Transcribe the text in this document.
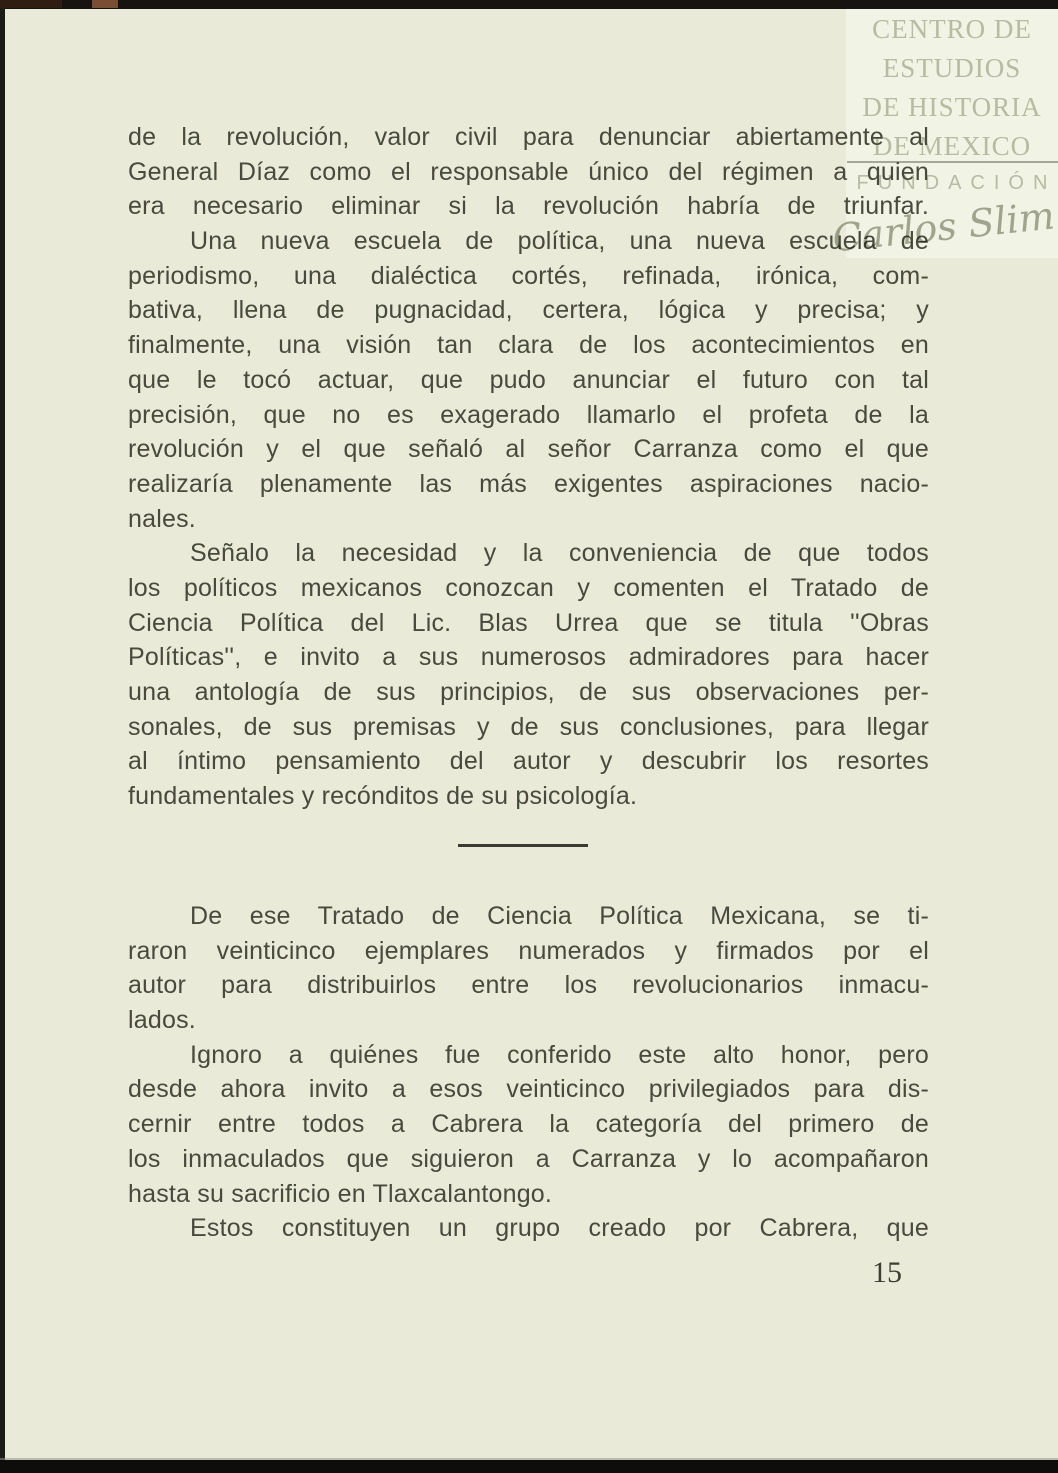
CENTRO DE
ESTUDIOS
DE HISTORIA
DE MEXICO
FUNDACIÓN
Carlos Slim
de la revolución, valor civil para denunciar abiertamente al
General Díaz como el responsable único del régimen a quien
era necesario eliminar si la revolución habría de triunfar.
Una nueva escuela de política, una nueva escuela de
periodismo, una dialéctica cortés, refinada, irónica, com-
bativa, llena de pugnacidad, certera, lógica y precisa; y
finalmente, una visión tan clara de los acontecimientos en
que le tocó actuar, que pudo anunciar el futuro con tal
precisión, que no es exagerado llamarlo el profeta de la
revolución y el que señaló al señor Carranza como el que
realizaría plenamente las más exigentes aspiraciones nacio-
nales.
Señalo la necesidad y la conveniencia de que todos
los políticos mexicanos conozcan y comenten el Tratado de
Ciencia Política del Lic. Blas Urrea que se titula ''Obras
Políticas'', e invito a sus numerosos admiradores para hacer
una antología de sus principios, de sus observaciones per-
sonales, de sus premisas y de sus conclusiones, para llegar
al íntimo pensamiento del autor y descubrir los resortes
fundamentales y recónditos de su psicología.
De ese Tratado de Ciencia Política Mexicana, se ti-
raron veinticinco ejemplares numerados y firmados por el
autor para distribuirlos entre los revolucionarios inmacu-
lados.
Ignoro a quiénes fue conferido este alto honor, pero
desde ahora invito a esos veinticinco privilegiados para dis-
cernir entre todos a Cabrera la categoría del primero de
los inmaculados que siguieron a Carranza y lo acompañaron
hasta su sacrificio en Tlaxcalantongo.
Estos constituyen un grupo creado por Cabrera, que
15
